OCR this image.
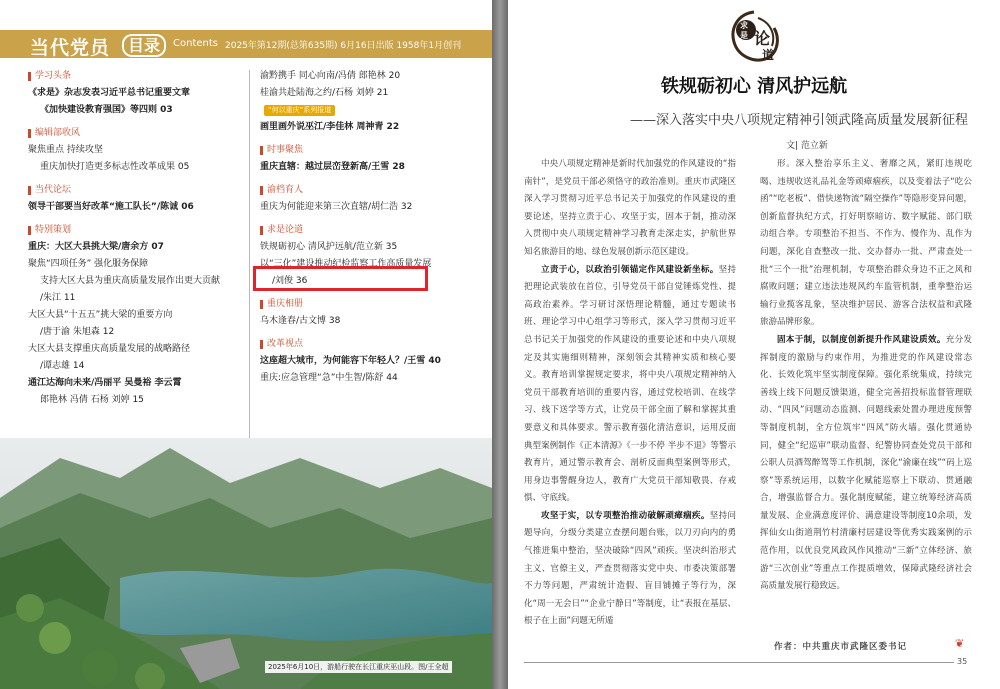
当代党员	目录	Contents 2025年第12期(总第635期) 6月16日出版 1958年1月创刊
学习头条
《求是》杂志发表习近平总书记重要文章
《加快建设教育强国》等四则 03
编辑部收风
聚焦重点 持续攻坚
重庆加快打造更多标志性改革成果 05
当代论坛
领导干部要当好改革“施工队长”/陈诚 06
特别策划
重庆：大区大县挑大梁/唐余方 07
聚焦“四项任务” 强化服务保障
支持大区大县为重庆高质量发展作出更大贡献
/朱江 11
大区大县“十五五”挑大梁的重要方向
/唐于渝 朱旭森 12
大区大县支撑重庆高质量发展的战略路径
/谭志雄 14
通江达海向未来/冯丽平 吴曼裕 李云霄
郎艳林 冯倩 石杨 刘婷 15
渝黔携手 同心向南/冯倩 郎艳林 20
桂渝共赴陆海之约/石杨 刘婷 21
“何以重庆”系列报道
画里画外说巫江/李佳林 周神青 22
时事聚焦
重庆直辖：越过层峦登新高/王雪 28
渝档育人
重庆为何能迎来第三次直辖/胡仁浩 32
求是论道
铁规砺初心 清风护远航/范立新 35
以“三化”建设推动纪检监察工作高质量发展
/刘俊 36
重庆相册
乌木逢春/古文博 38
改革视点
这座超大城市，为何能容下年轻人？/王雪 40
重庆:应急管理“急”中生智/陈舒 44
2025年6月10日，游船行驶在长江重庆巫山段。图/王全超
求
是 论
道
铁规砺初心 清风护远航
——深入落实中央八项规定精神引领武隆高质量发展新征程
文| 范立新

中央八项规定精神是新时代加强党的作风建设的“指南针”，是党员干部必须恪守的政治准则。重庆市武隆区深入学习贯彻习近平总书记关于加强党的作风建设的重要论述，坚持立责于心、攻坚于实，固本于制，推动深入贯彻中央八项规定精神学习教育走深走实，护航世界知名旅游目的地、绿色发展创新示范区建设。

立责于心，以政治引领锚定作风建设新坐标。坚持把理论武装放在首位，引导党员干部自觉锤炼党性、提高政治素养。学习研讨深悟理论精髓，通过专题读书班、理论学习中心组学习等形式，深入学习贯彻习近平总书记关于加强党的作风建设的重要论述和中央八项规定及其实施细则精神，深刻领会其精神实质和核心要义。教育培训掌握规定要求，将中央八项规定精神纳入党员干部教育培训的重要内容，通过党校培训、在线学习、线下送学等方式，让党员干部全面了解和掌握其重要意义和具体要求。警示教育强化清洁意识，运用反面典型案例制作《正本清源》《一步不停 半步不退》等警示教育片，通过警示教育会、剖析反面典型案例等形式，用身边事警醒身边人，教育广大党员干部知敬畏、存戒惧、守底线。

攻坚于实，以专项整治推动破解顽瘴痼疾。坚持问题导向，分级分类建立查摆问题台账，以刀刃向内的勇气推进集中整治，坚决破除“四风”顽疾。坚决纠治形式主义、官僚主义，严查贯彻落实党中央、市委决策部署不力等问题，严肃统计造假、盲目铺摊子等行为，深化“周一无会日”“企业宁静日”等制度，让“表报在基层、根子在上面”问题无所遁

形。深入整治享乐主义、奢靡之风，紧盯违规吃喝、违规收送礼品礼金等顽瘴痼疾，以及变着法子“吃公函”“吃老板”、借快递物流“隔空操作”等隐形变异问题，创新监督执纪方式，打好明察暗访、数字赋能、部门联动组合拳。专项整治不担当、不作为、慢作为、乱作为问题，深化自查整改一批、交办督办一批、严肃查处一批“三个一批”治理机制，专项整治群众身边不正之风和腐败问题；建立违法违规风约车监管机制，重拳整治运输行业揽客乱象，坚决维护居民、游客合法权益和武隆旅游品牌形象。

固本于制，以制度创新提升作风建设质效。充分发挥制度的激励与约束作用，为推进党的作风建设常态化、长效化筑牢坚实制度保障。强化系统集成，持续完善线上线下问题反馈渠道，健全完善招投标监督管理联动、“四风”问题动态监测、问题线索处置办理进度预警等制度机制，全方位筑牢“四风”防火墙。强化贯通协同，健全“纪巡审”联动监督、纪警协同查处党员干部和公职人员酒驾醉驾等工作机制，深化“渝廉在线”“码上巡察”等系统运用，以数字化赋能巡察上下联动、贯通融合，增强监督合力。强化制度赋能，建立统筹经济高质量发展、企业满意度评价、满意建设等制度10余项，发挥仙女山街道荆竹村清廉村居建设等优秀实践案例的示范作用，以优良党风政风作风推动“三新”立体经济、旅游“三次创业”等重点工作提质增效，保障武隆经济社会高质量发展行稳致远。

作者：中共重庆市武隆区委书记	❦
35
